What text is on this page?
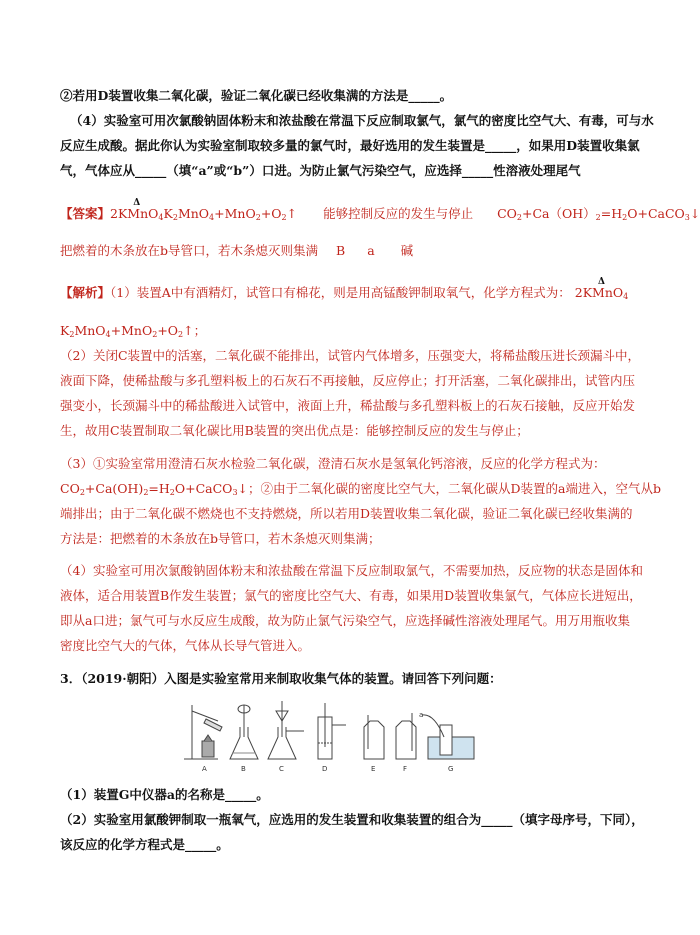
②若用D装置收集二氧化碳，验证二氧化碳已经收集满的方法是_____。
（4）实验室可用次氯酸钠固体粉末和浓盐酸在常温下反应制取氯气，氯气的密度比空气大、有毒，可与水
反应生成酸。据此你认为实验室制取较多量的氯气时，最好选用的发生装置是_____，如果用D装置收集氯
气，气体应从_____（填“a”或“b”）口进。为防止氯气污染空气，应选择_____性溶液处理尾气
【答案】2KMnO$_4$
Δ
$K_2MnO_4+MnO_2+O_2↑$ 能够控制反应的发生与停止 $CO_2+Ca(OH)_2=H_2O+CaCO_3↓$
把燃着的木条放在b导管口，若木条熄灭则集满 B a 碱
【解析】（1）装置A中有酒精灯，试管口有棉花，则是用高锰酸钾制取氧气，化学方程式为： 2KMnO$_4$
Δ
$K_2MnO_4+MnO_2+O_2↑$；
（2）关闭C装置中的活塞，二氧化碳不能排出，试管内气体增多，压强变大，将稀盐酸压进长颈漏斗中，
液面下降，使稀盐酸与多孔塑料板上的石灰石不再接触，反应停止；打开活塞，二氧化碳排出，试管内压
强变小，长颈漏斗中的稀盐酸进入试管中，液面上升，稀盐酸与多孔塑料板上的石灰石接触，反应开始发
生，故用C装置制取二氧化碳比用B装置的突出优点是：能够控制反应的发生与停止；
（3）①实验室常用澄清石灰水检验二氧化碳，澄清石灰水是氢氧化钙溶液，反应的化学方程式为：
$CO_2+Ca(OH)_2=H_2O+CaCO_3↓$；②由于二氧化碳的密度比空气大，二氧化碳从D装置的a端进入，空气从b
端排出；由于二氧化碳不燃烧也不支持燃烧，所以若用D装置收集二氧化碳，验证二氧化碳已经收集满的
方法是：把燃着的木条放在b导管口，若木条熄灭则集满；
（4）实验室可用次氯酸钠固体粉末和浓盐酸在常温下反应制取氯气，不需要加热，反应物的状态是固体和
液体，适合用装置B作发生装置；氯气的密度比空气大、有毒，如果用D装置收集氯气，气体应长进短出，
即从a口进；氯气可与水反应生成酸，故为防止氯气污染空气，应选择碱性溶液处理尾气。用万用瓶收集
密度比空气大的气体，气体从长导气管进入。
3．（2019·朝阳）入图是实验室常用来制取收集气体的装置。请回答下列问题：
A	B	C	D	E	F	G
a
（1）装置G中仪器a的名称是_____。
（2）实验室用氯酸钾制取一瓶氧气，应选用的发生装置和收集装置的组合为_____（填字母序号，下同），
该反应的化学方程式是_____。
